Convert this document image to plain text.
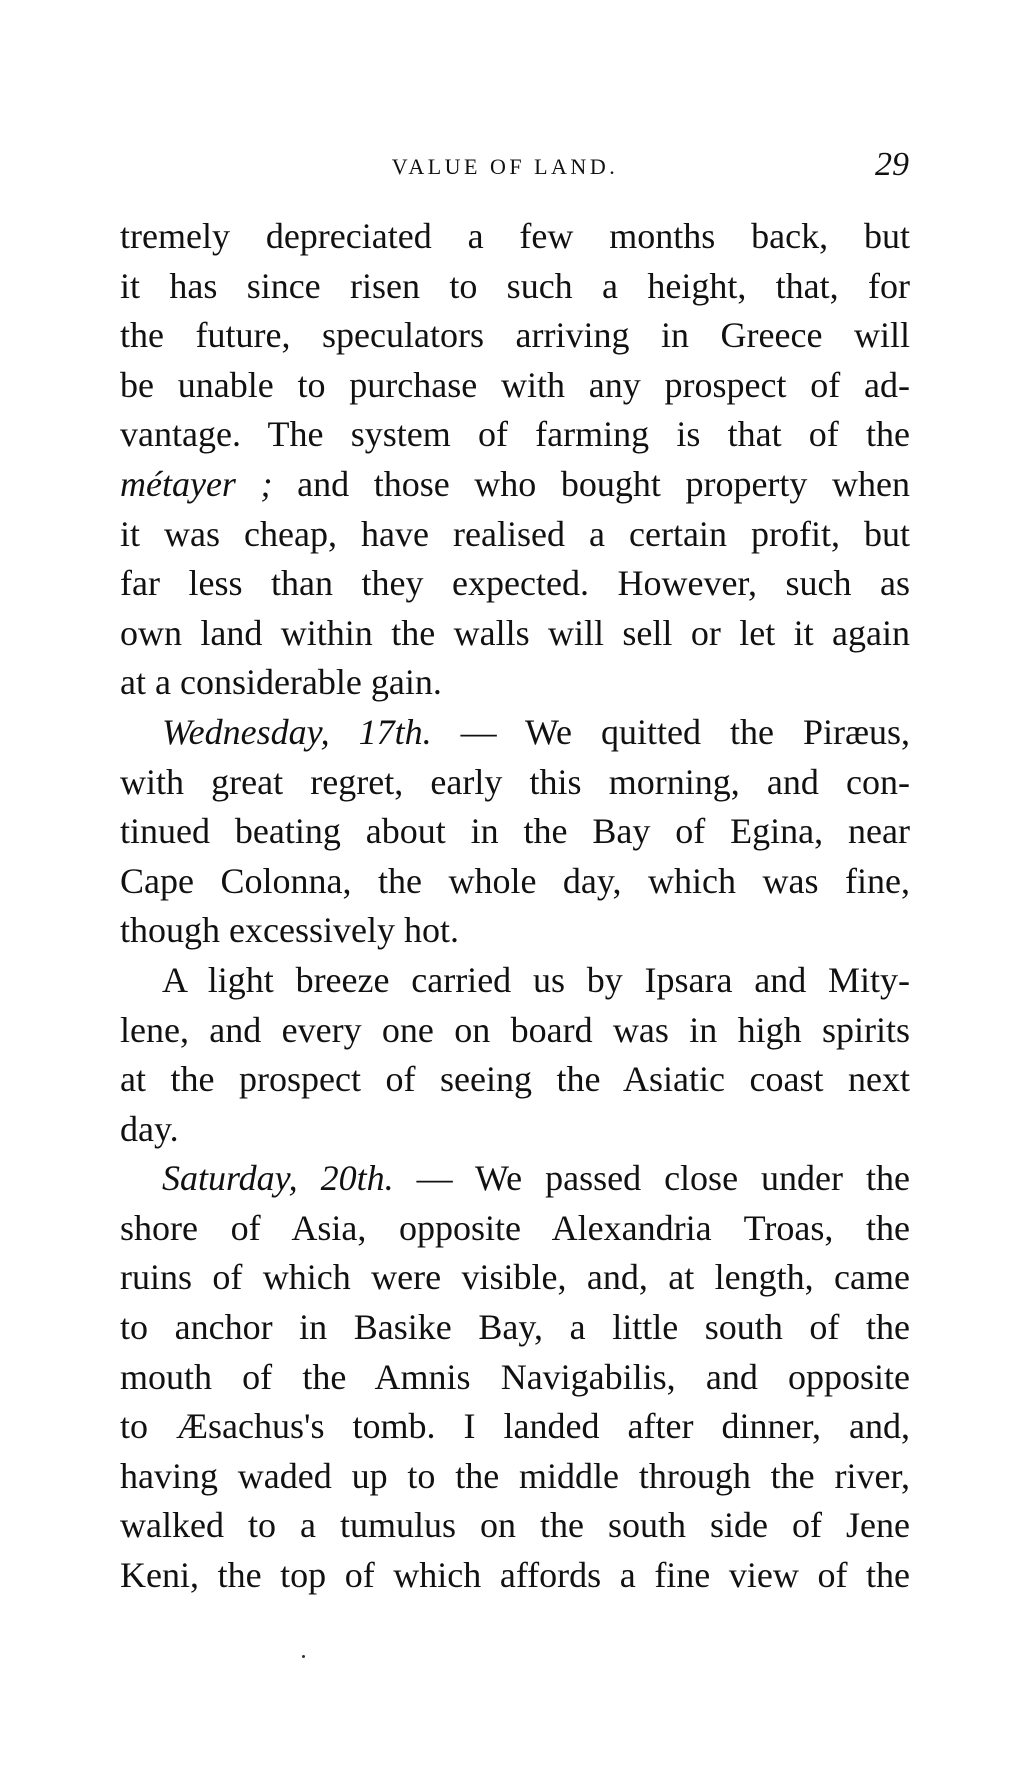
VALUE OF LAND.	29
tremely depreciated a few months back, but
it has since risen to such a height, that, for
the future, speculators arriving in Greece will
be unable to purchase with any prospect of ad-
vantage. The system of farming is that of the
métayer ; and those who bought property when
it was cheap, have realised a certain profit, but
far less than they expected. However, such as
own land within the walls will sell or let it again
at a considerable gain.
Wednesday, 17th. — We quitted the Piræus,
with great regret, early this morning, and con-
tinued beating about in the Bay of Egina, near
Cape Colonna, the whole day, which was fine,
though excessively hot.
A light breeze carried us by Ipsara and Mity-
lene, and every one on board was in high spirits
at the prospect of seeing the Asiatic coast next
day.
Saturday, 20th. — We passed close under the
shore of Asia, opposite Alexandria Troas, the
ruins of which were visible, and, at length, came
to anchor in Basike Bay, a little south of the
mouth of the Amnis Navigabilis, and opposite
to Æsachus's tomb. I landed after dinner, and,
having waded up to the middle through the river,
walked to a tumulus on the south side of Jene
Keni, the top of which affords a fine view of the
